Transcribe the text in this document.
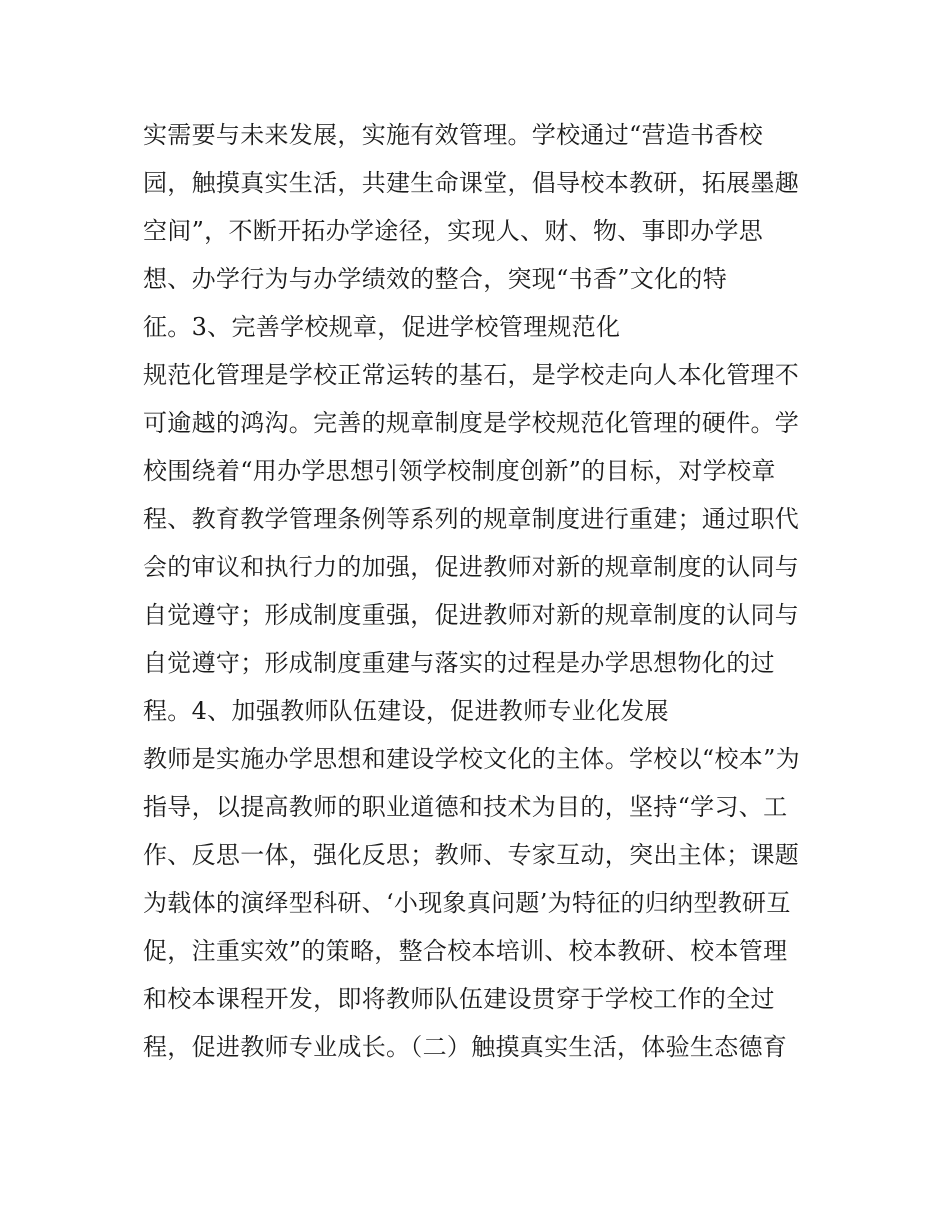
实需要与未来发展，实施有效管理。学校通过“营造书香校
园，触摸真实生活，共建生命课堂，倡导校本教研，拓展墨趣
空间”，不断开拓办学途径，实现人、财、物、事即办学思
想、办学行为与办学绩效的整合，突现“书香”文化的特
征。3、完善学校规章，促进学校管理规范化
规范化管理是学校正常运转的基石，是学校走向人本化管理不
可逾越的鸿沟。完善的规章制度是学校规范化管理的硬件。学
校围绕着“用办学思想引领学校制度创新”的目标，对学校章
程、教育教学管理条例等系列的规章制度进行重建；通过职代
会的审议和执行力的加强，促进教师对新的规章制度的认同与
自觉遵守；形成制度重强，促进教师对新的规章制度的认同与
自觉遵守；形成制度重建与落实的过程是办学思想物化的过
程。4、加强教师队伍建设，促进教师专业化发展
教师是实施办学思想和建设学校文化的主体。学校以“校本”为
指导，以提高教师的职业道德和技术为目的，坚持“学习、工
作、反思一体，强化反思；教师、专家互动，突出主体；课题
为载体的演绎型科研、‘小现象真问题’为特征的归纳型教研互
促，注重实效”的策略，整合校本培训、校本教研、校本管理
和校本课程开发，即将教师队伍建设贯穿于学校工作的全过
程，促进教师专业成长。（二）触摸真实生活，体验生态德育
